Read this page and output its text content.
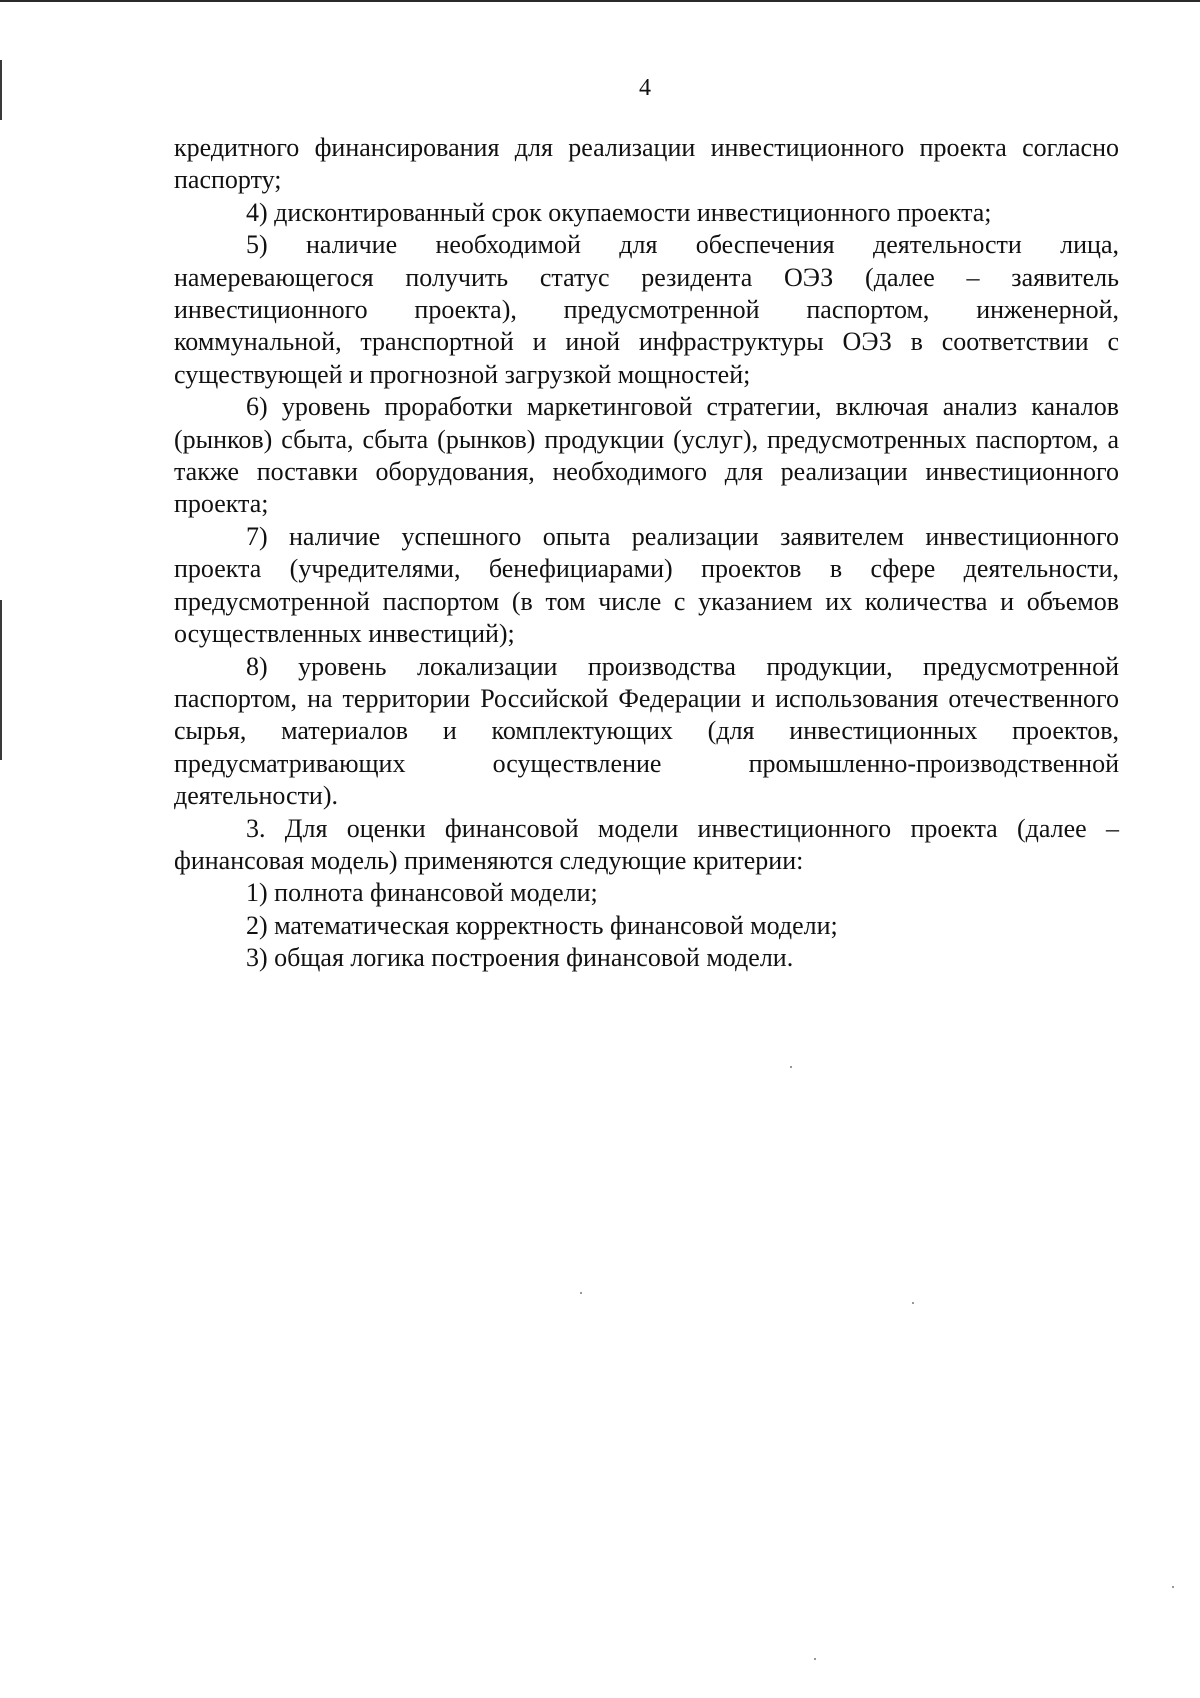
4

кредитного финансирования для реализации инвестиционного проекта согласно паспорту;

4) дисконтированный срок окупаемости инвестиционного проекта;

5) наличие необходимой для обеспечения деятельности лица, намеревающегося получить статус резидента ОЭЗ (далее – заявитель инвестиционного проекта), предусмотренной паспортом, инженерной, коммунальной, транспортной и иной инфраструктуры ОЭЗ в соответствии с существующей и прогнозной загрузкой мощностей;

6) уровень проработки маркетинговой стратегии, включая анализ каналов (рынков) сбыта, сбыта (рынков) продукции (услуг), предусмотренных паспортом, а также поставки оборудования, необходимого для реализации инвестиционного проекта;

7) наличие успешного опыта реализации заявителем инвестиционного проекта (учредителями, бенефициарами) проектов в сфере деятельности, предусмотренной паспортом (в том числе с указанием их количества и объемов осуществленных инвестиций);

8) уровень локализации производства продукции, предусмотренной паспортом, на территории Российской Федерации и использования отечественного сырья, материалов и комплектующих (для инвестиционных проектов, предусматривающих осуществление промышленно-производственной деятельности).

3. Для оценки финансовой модели инвестиционного проекта (далее – финансовая модель) применяются следующие критерии:

1) полнота финансовой модели;

2) математическая корректность финансовой модели;

3) общая логика построения финансовой модели.
